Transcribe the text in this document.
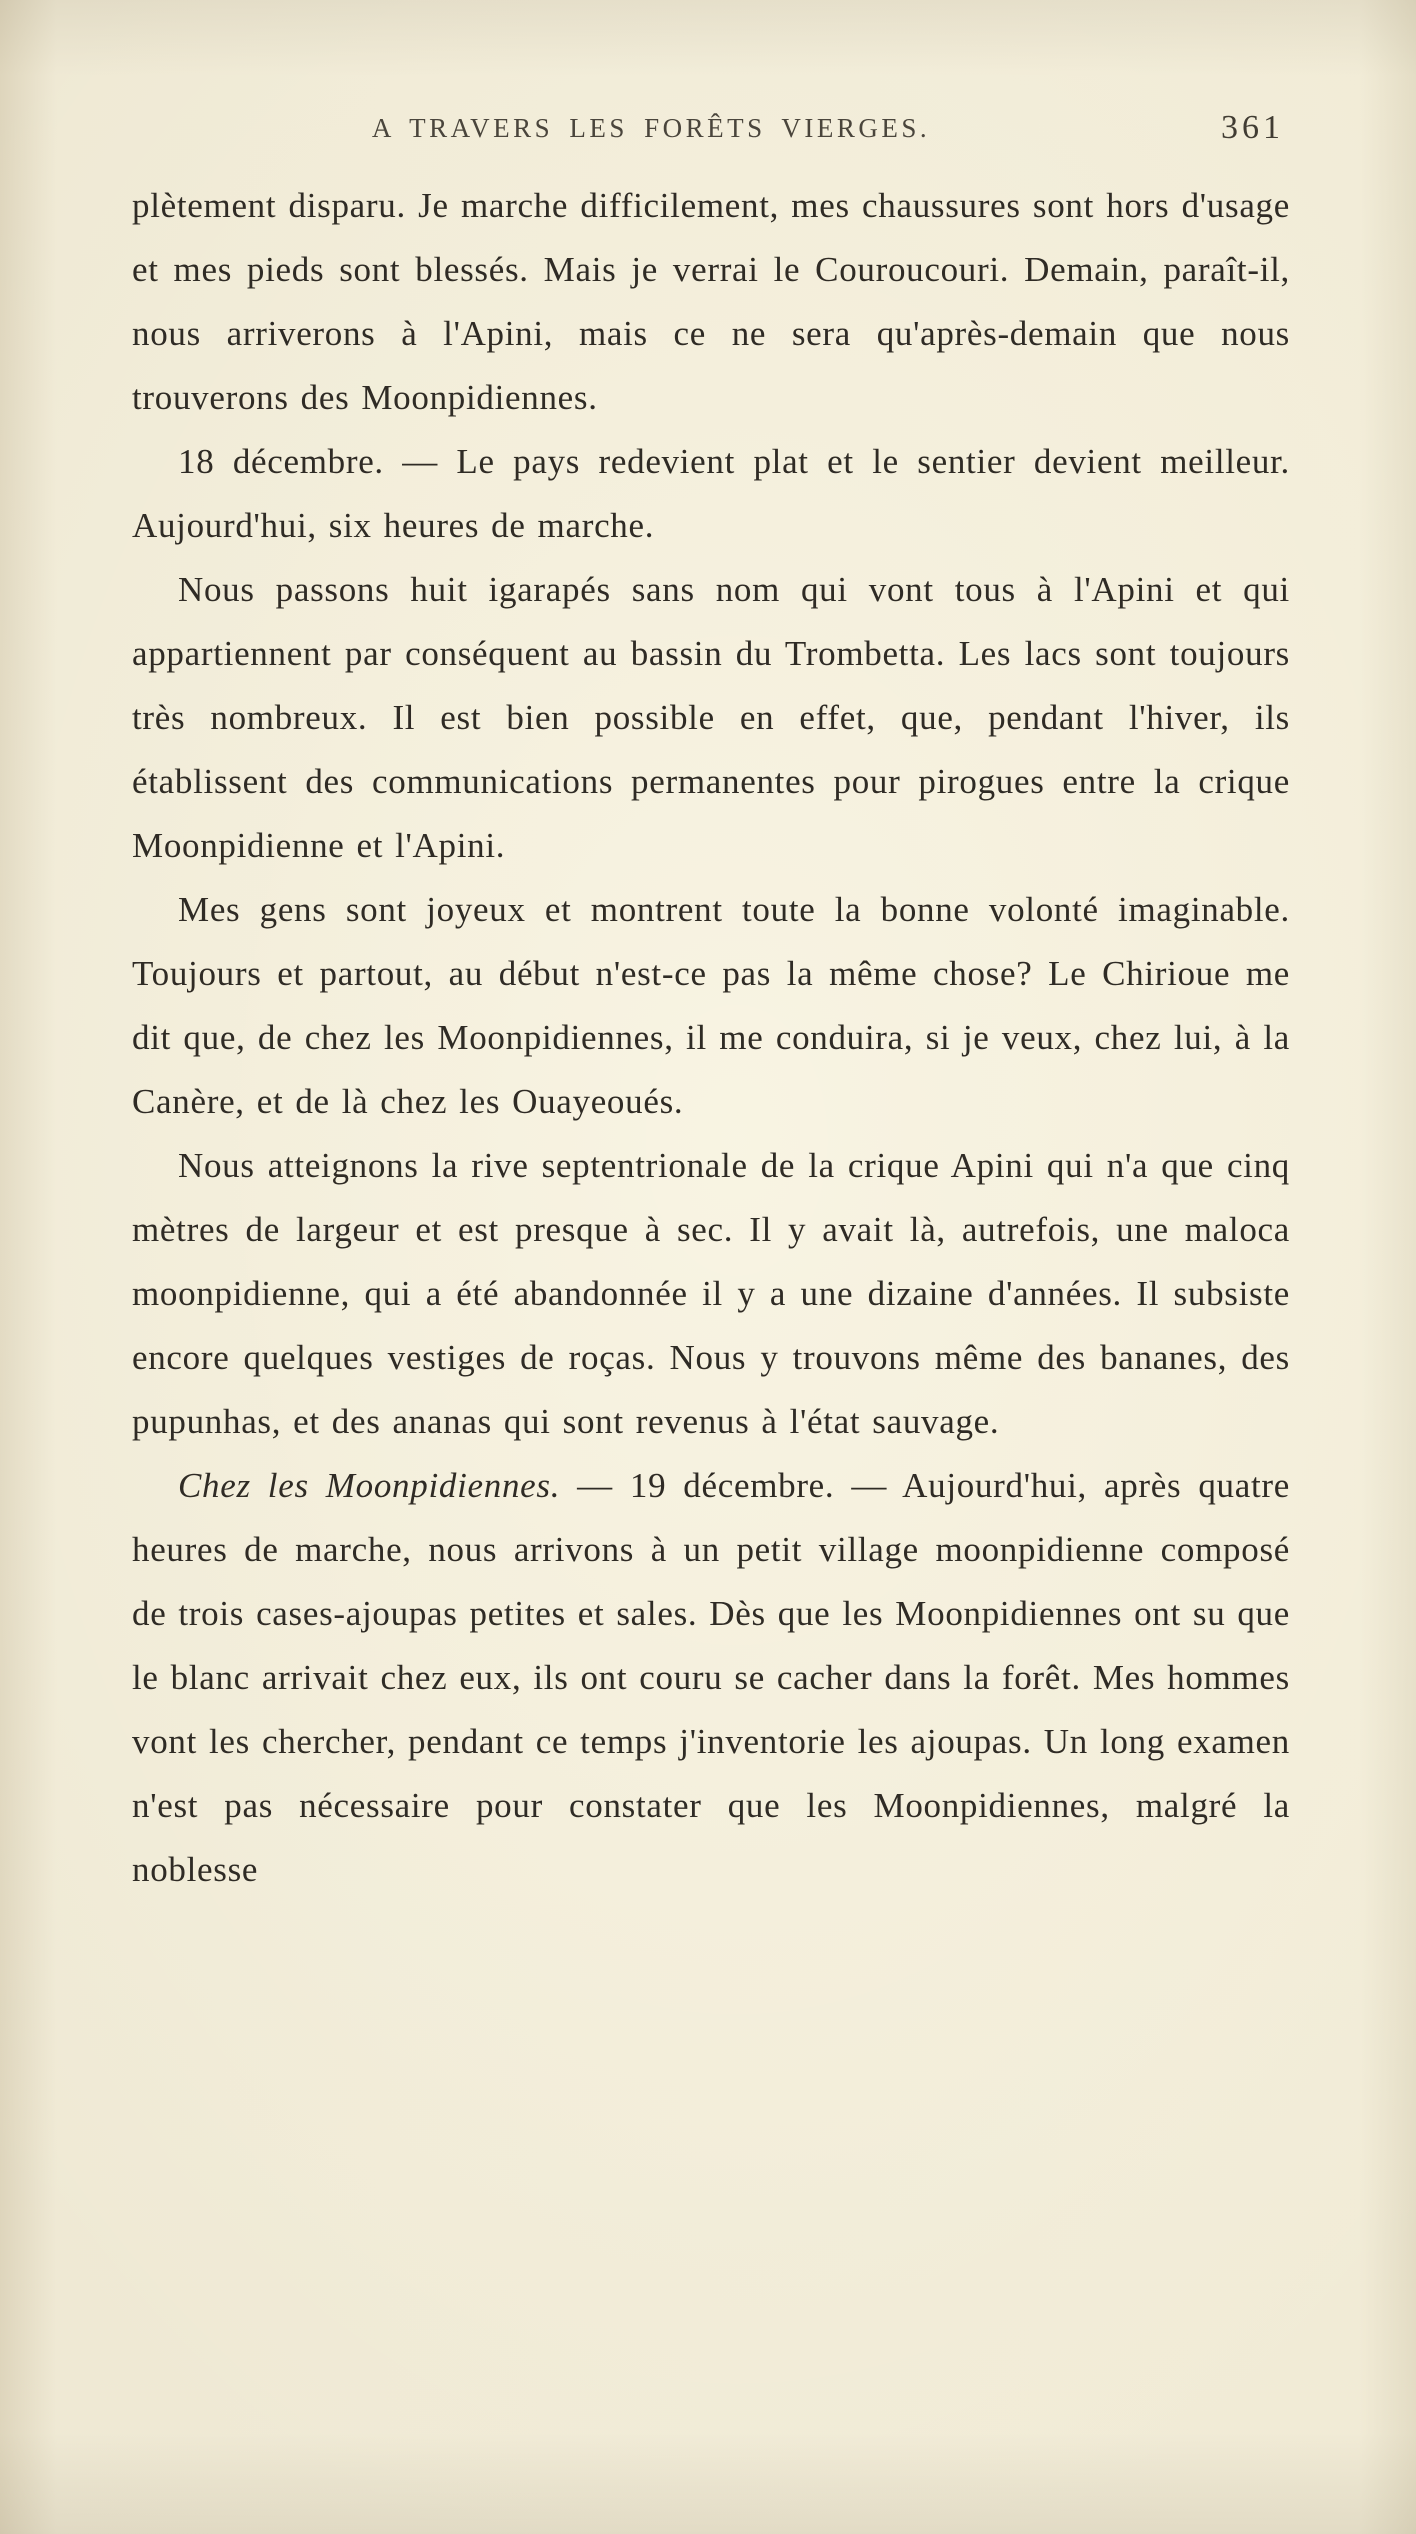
A TRAVERS LES FORÊTS VIERGES.	361

plètement disparu. Je marche difficilement, mes chaussures sont hors d'usage et mes pieds sont blessés. Mais je verrai le Couroucouri. Demain, paraît-il, nous arriverons à l'Apini, mais ce ne sera qu'après-demain que nous trouverons des Moonpidiennes.

18 décembre. — Le pays redevient plat et le sentier devient meilleur. Aujourd'hui, six heures de marche.

Nous passons huit igarapés sans nom qui vont tous à l'Apini et qui appartiennent par conséquent au bassin du Trombetta. Les lacs sont toujours très nombreux. Il est bien possible en effet, que, pendant l'hiver, ils établissent des communications permanentes pour pirogues entre la crique Moonpidienne et l'Apini.

Mes gens sont joyeux et montrent toute la bonne volonté imaginable. Toujours et partout, au début n'est-ce pas la même chose? Le Chirioue me dit que, de chez les Moonpidiennes, il me conduira, si je veux, chez lui, à la Canère, et de là chez les Ouayeoués.

Nous atteignons la rive septentrionale de la crique Apini qui n'a que cinq mètres de largeur et est presque à sec. Il y avait là, autrefois, une maloca moonpidienne, qui a été abandonnée il y a une dizaine d'années. Il subsiste encore quelques vestiges de roças. Nous y trouvons même des bananes, des pupunhas, et des ananas qui sont revenus à l'état sauvage.

Chez les Moonpidiennes. — 19 décembre. — Aujourd'hui, après quatre heures de marche, nous arrivons à un petit village moonpidienne composé de trois cases-ajoupas petites et sales. Dès que les Moonpidiennes ont su que le blanc arrivait chez eux, ils ont couru se cacher dans la forêt. Mes hommes vont les chercher, pendant ce temps j'inventorie les ajoupas. Un long examen n'est pas nécessaire pour constater que les Moonpidiennes, malgré la noblesse
